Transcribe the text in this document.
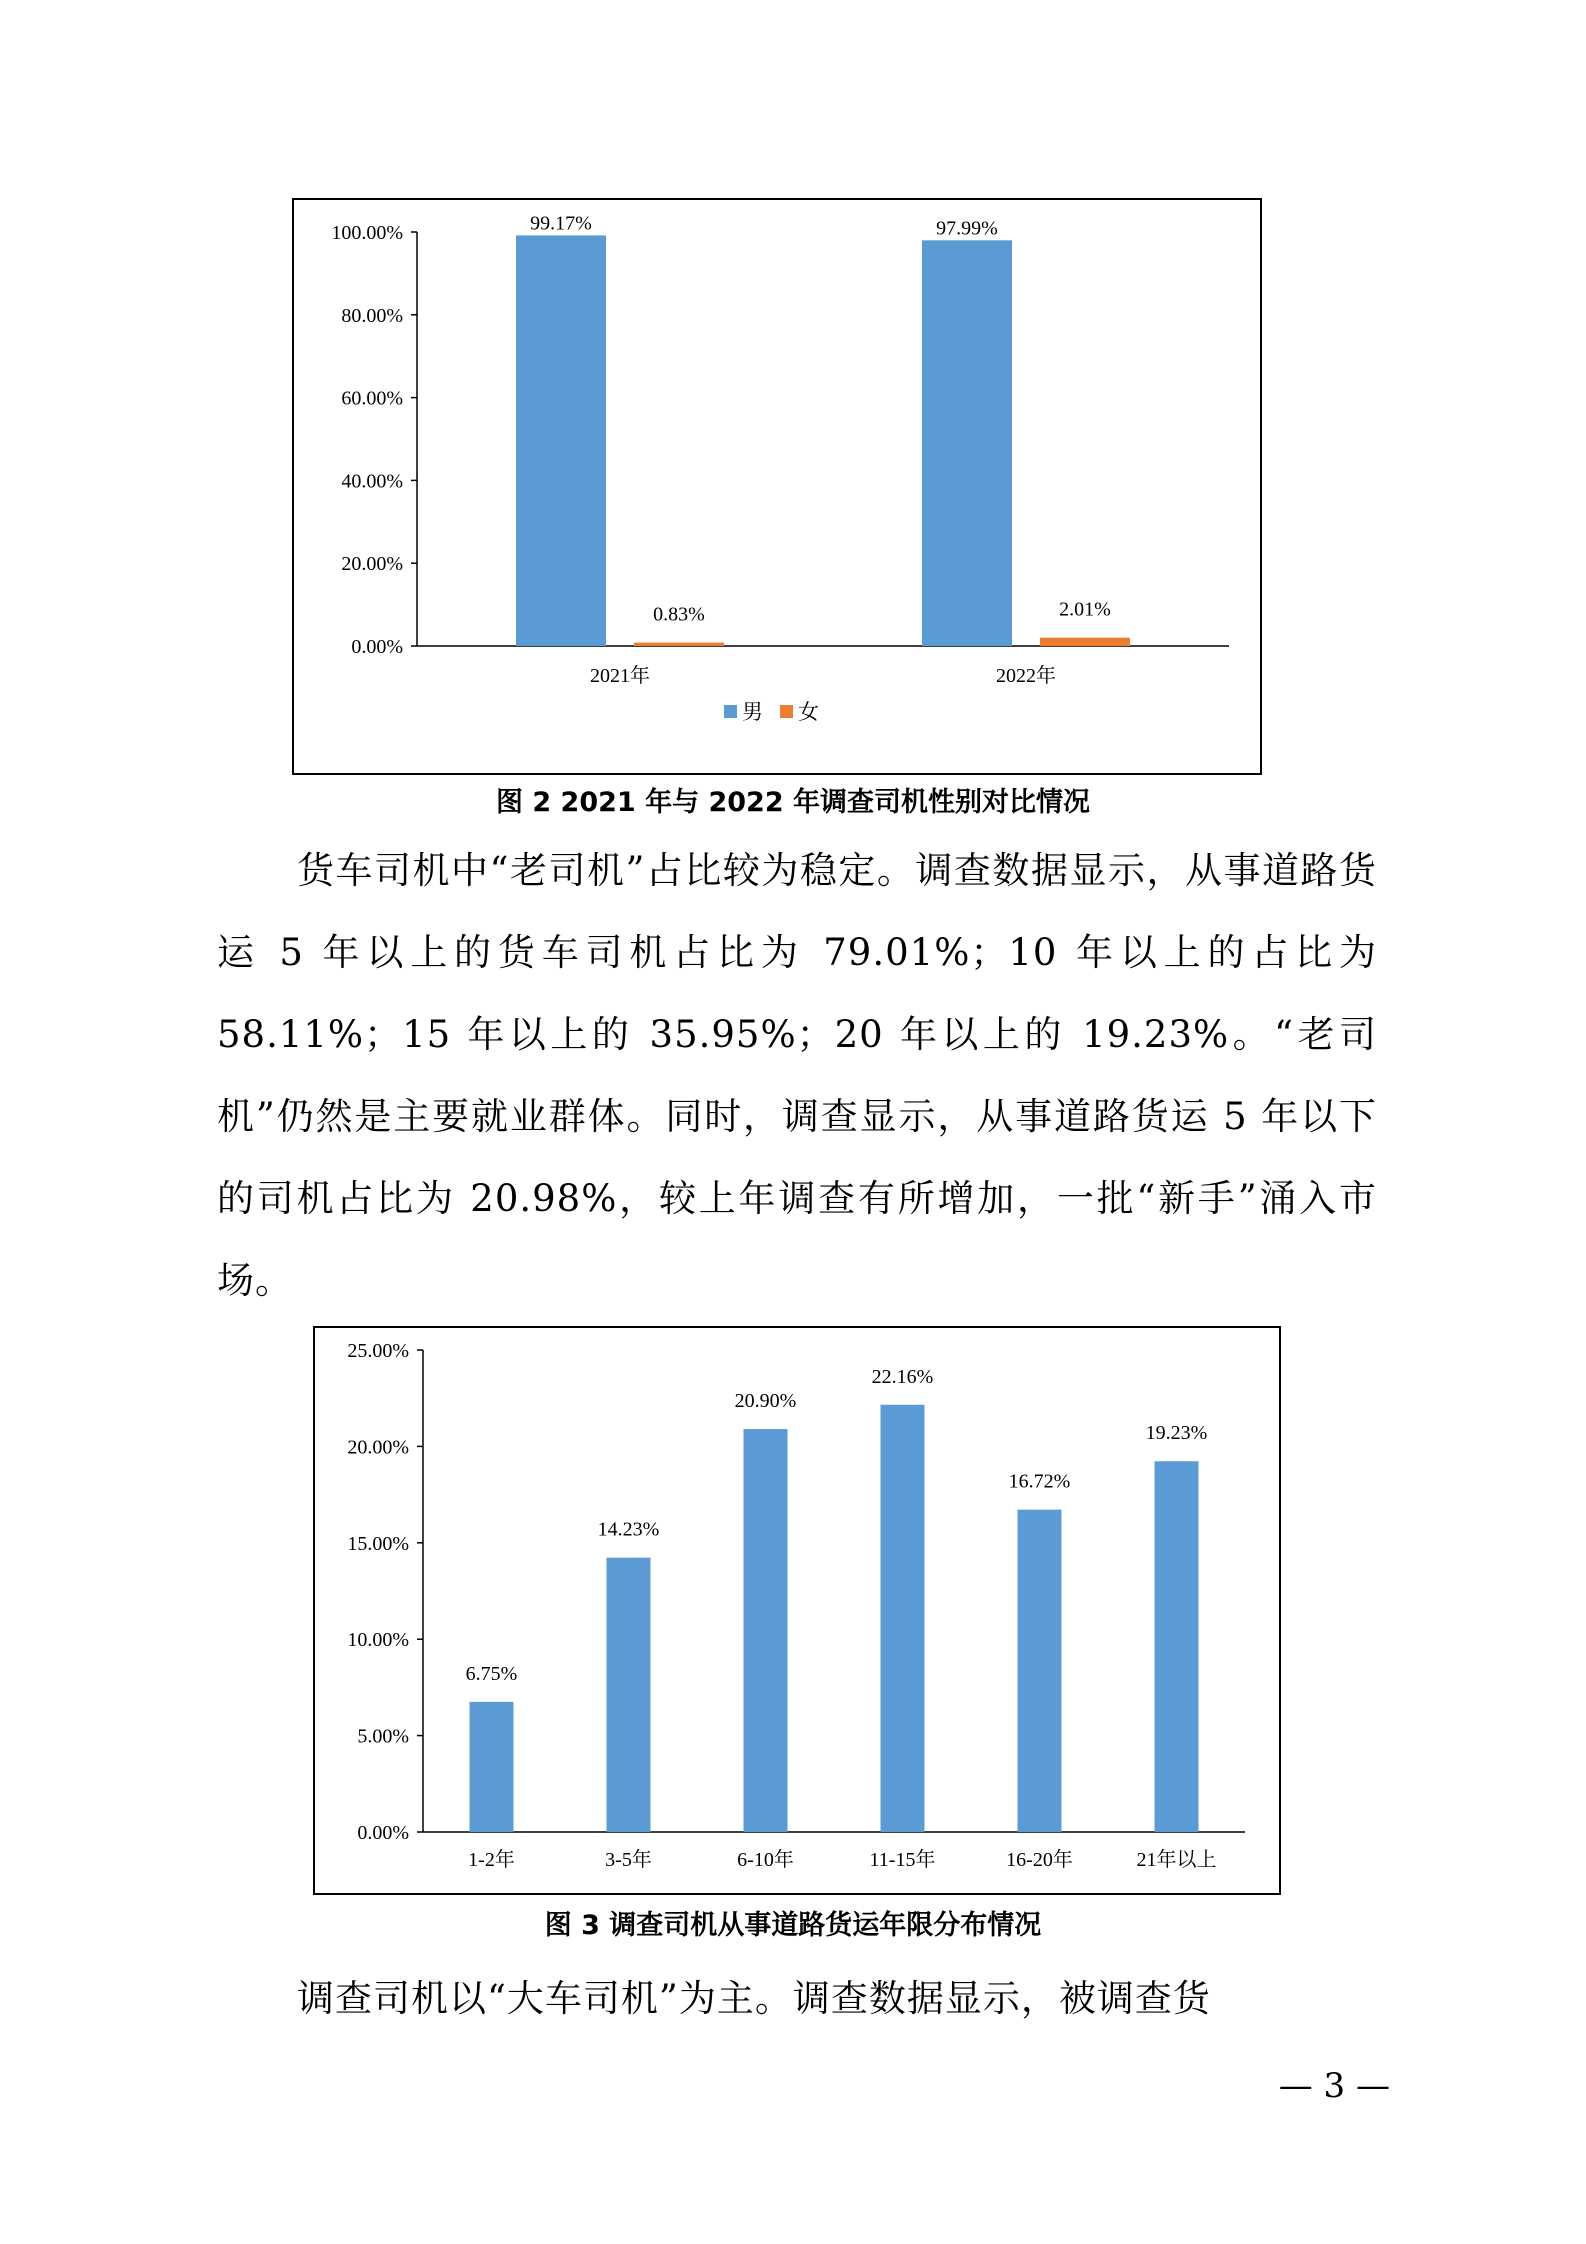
0.00%
20.00%
40.00%
60.00%
80.00%
100.00%
2021年
99.17%
0.83%
2022年
97.99%
2.01%
男 女
图 2 2021 年与 2022 年调查司机性别对比情况
货车司机中“老司机”占比较为稳定。调查数据显示，从事道路货运 5 年以上的货车司机占比为 79.01%；10 年以上的占比为 58.11%；15 年以上的 35.95%；20 年以上的 19.23%。“老司机”仍然是主要就业群体。同时，调查显示，从事道路货运 5 年以下的司机占比为 20.98%，较上年调查有所增加，一批“新手”涌入市场。
0.00%
5.00%
10.00%
15.00%
20.00%
25.00%
6.75%
1-2年
14.23%
3-5年
20.90%
6-10年
22.16%
11-15年
16.72%
16-20年
19.23%
21年以上
图 3 调查司机从事道路货运年限分布情况
调查司机以“大车司机”为主。调查数据显示，被调查货
— 3 —
